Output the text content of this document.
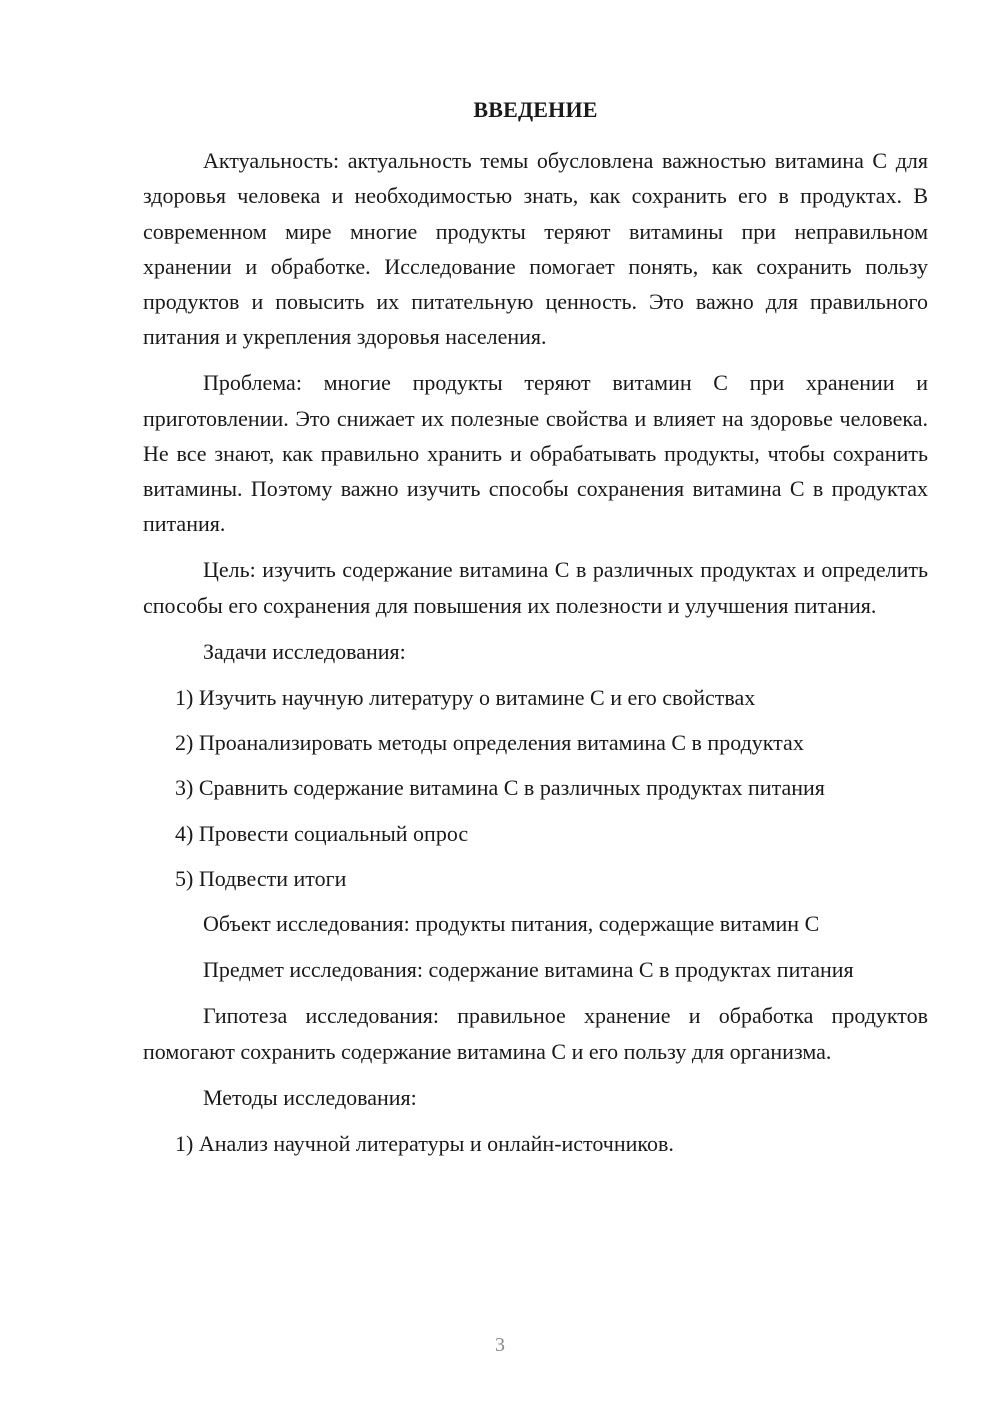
ВВЕДЕНИЕ

Актуальность: актуальность темы обусловлена важностью витамина С для здоровья человека и необходимостью знать, как сохранить его в продуктах. В современном мире многие продукты теряют витамины при неправильном хранении и обработке. Исследование помогает понять, как сохранить пользу продуктов и повысить их питательную ценность. Это важно для правильного питания и укрепления здоровья населения.

Проблема: многие продукты теряют витамин С при хранении и приготовлении. Это снижает их полезные свойства и влияет на здоровье человека. Не все знают, как правильно хранить и обрабатывать продукты, чтобы сохранить витамины. Поэтому важно изучить способы сохранения витамина С в продуктах питания.

Цель: изучить содержание витамина С в различных продуктах и определить способы его сохранения для повышения их полезности и улучшения питания.

Задачи исследования:

1) Изучить научную литературу о витамине С и его свойствах
2) Проанализировать методы определения витамина С в продуктах
3) Сравнить содержание витамина С в различных продуктах питания
4) Провести социальный опрос
5) Подвести итоги

Объект исследования: продукты питания, содержащие витамин С

Предмет исследования: содержание витамина С в продуктах питания

Гипотеза исследования: правильное хранение и обработка продуктов помогают сохранить содержание витамина С и его пользу для организма.

Методы исследования:

1) Анализ научной литературы и онлайн-источников.
3
